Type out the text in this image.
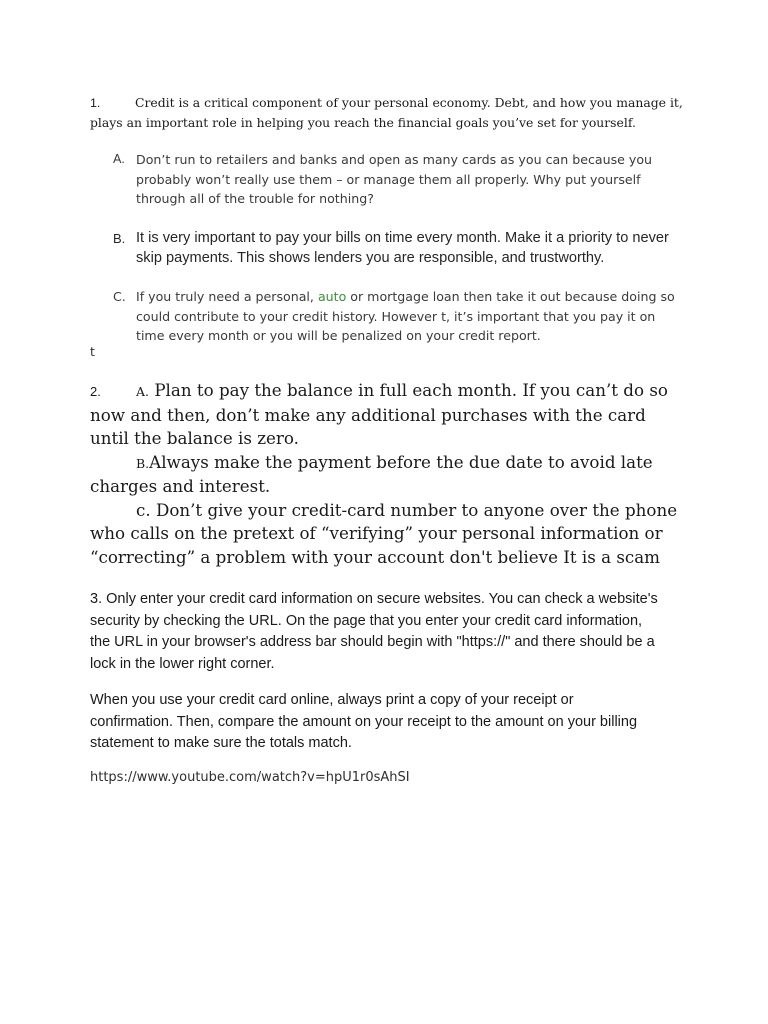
1.	Credit is a critical component of your personal economy. Debt, and how you manage it, plays an important role in helping you reach the financial goals you’ve set for yourself.
A. Don’t run to retailers and banks and open as many cards as you can because you probably won’t really use them – or manage them all properly. Why put yourself through all of the trouble for nothing?
B. It is very important to pay your bills on time every month. Make it a priority to never skip payments. This shows lenders you are responsible, and trustworthy.
C. If you truly need a personal, auto or mortgage loan then take it out because doing so could contribute to your credit history. However t, it’s important that you pay it on time every month or you will be penalized on your credit report.
t
2.	A. Plan to pay the balance in full each month. If you can’t do so now and then, don’t make any additional purchases with the card until the balance is zero.
B.Always make the payment before the due date to avoid late charges and interest.
c. Don’t give your credit-card number to anyone over the phone who calls on the pretext of “verifying” your personal information or “correcting” a problem with your account don't believe It is a scam
3. Only enter your credit card information on secure websites. You can check a website's security by checking the URL. On the page that you enter your credit card information, the URL in your browser's address bar should begin with "https://" and there should be a lock in the lower right corner.
When you use your credit card online, always print a copy of your receipt or confirmation. Then, compare the amount on your receipt to the amount on your billing statement to make sure the totals match.
https://www.youtube.com/watch?v=hpU1r0sAhSI
